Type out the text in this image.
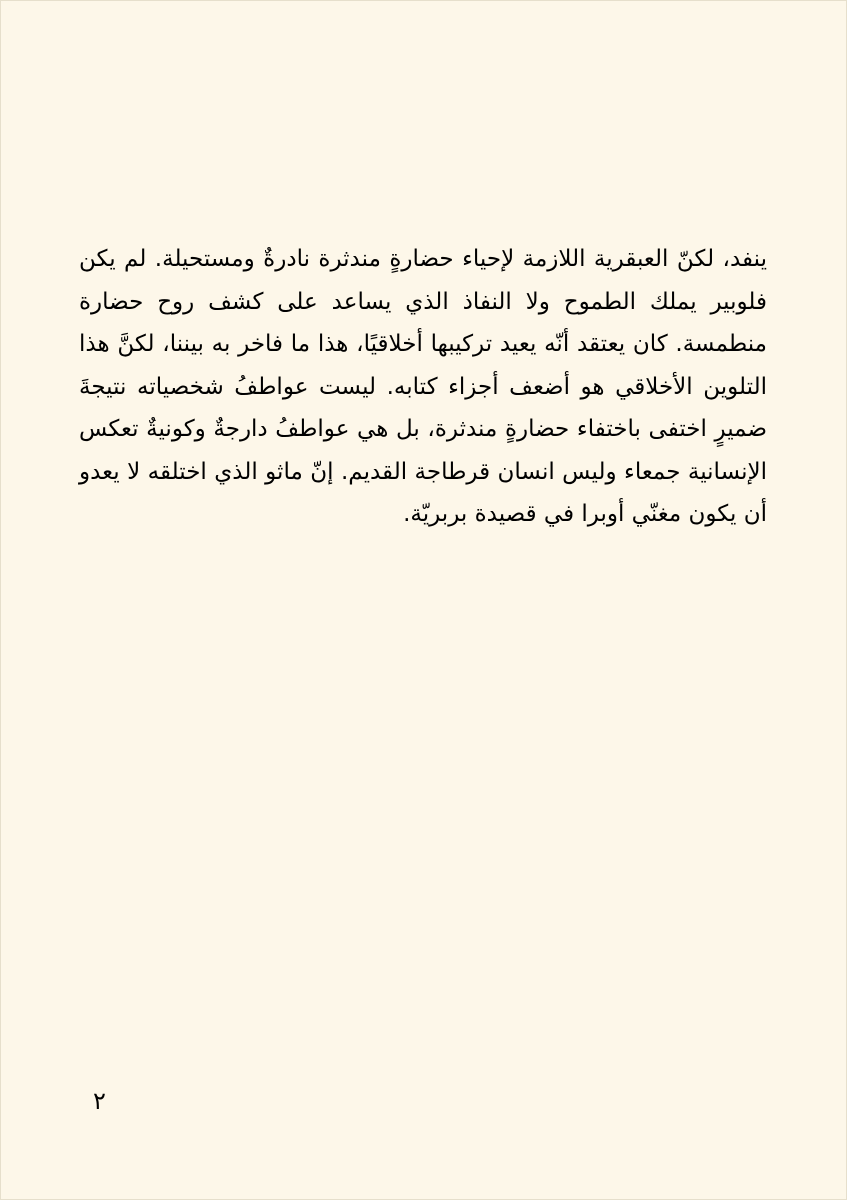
ينفد، لكنّ العبقرية اللازمة لإحياء حضارةٍ مندثرة نادرةٌ ومستحيلة. لم يكن فلوبير يملك الطموح ولا النفاذ الذي يساعد على كشف روح حضارة منطمسة. كان يعتقد أنّه يعيد تركيبها أخلاقيًا، هذا ما فاخر به بيننا، لكنَّ هذا التلوين الأخلاقي هو أضعف أجزاء كتابه. ليست عواطفُ شخصياته نتيجةَ ضميرٍ اختفى باختفاء حضارةٍ مندثرة، بل هي عواطفُ دارجةٌ وكونيةٌ تعكس الإنسانية جمعاء وليس انسان قرطاجة القديم. إنّ ماثو الذي اختلقه لا يعدو أن يكون مغنّي أوبرا في قصيدة بربريّة.

٢
